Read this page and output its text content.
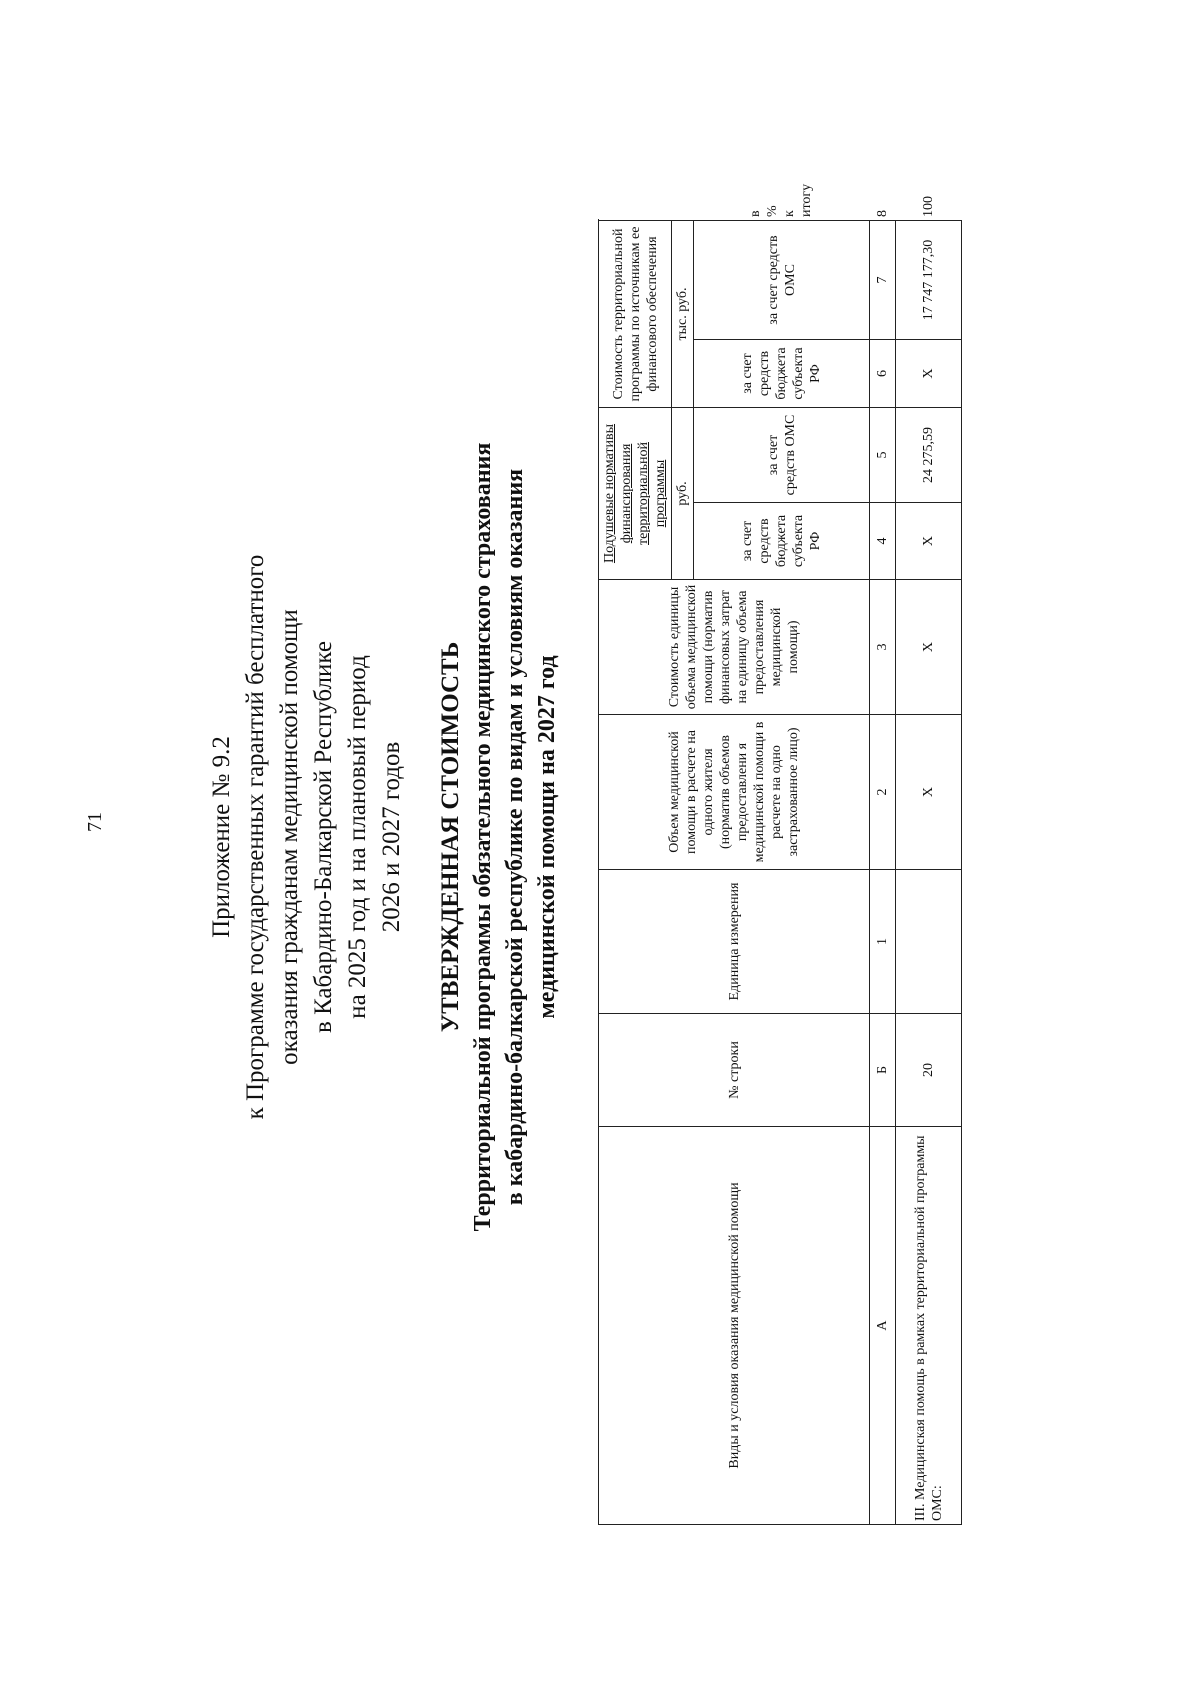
71	Приложение № 9.2 к Программе государственных гарантий бесплатного оказания гражданам медицинской помощи в Кабардино-Балкарской Республике на 2025 год и на плановый период 2026 и 2027 годов УТВЕРЖДЕННАЯ СТОИМОСТЬ Территориальной программы обязательного медицинского страхования в кабардино-балкарской республике по видам и условиям оказания медицинской помощи на 2027 год
Виды и условия оказания медицинской помощи	№ строки	Единица измерения	Объем медицинской помощи в расчете на одного жителя (норматив объемов предоставлени я медицинской помощи в расчете на одно застрахованное лицо)	Стоимость единицы объема медицинской помощи (норматив финансовых затрат на единицу объема предоставления медицинской помощи)	Подушевые нормативы финансирования территориальной программы		Стоимость территориальной программы по источникам ее финансового обеспечения		
					руб.		тыс. руб.		
					за счет средств бюджета субъекта РФ	за счет средств ОМС	за счет средств бюджета субъекта РФ	за счет средств ОМС	в % к итогу
А	Б	1	2	3	4	5	6	7	8
III. Медицинская помощь в рамках территориальной программы ОМС:	20		Х	Х	Х	24 275,59	Х	17 747 177,30	100
